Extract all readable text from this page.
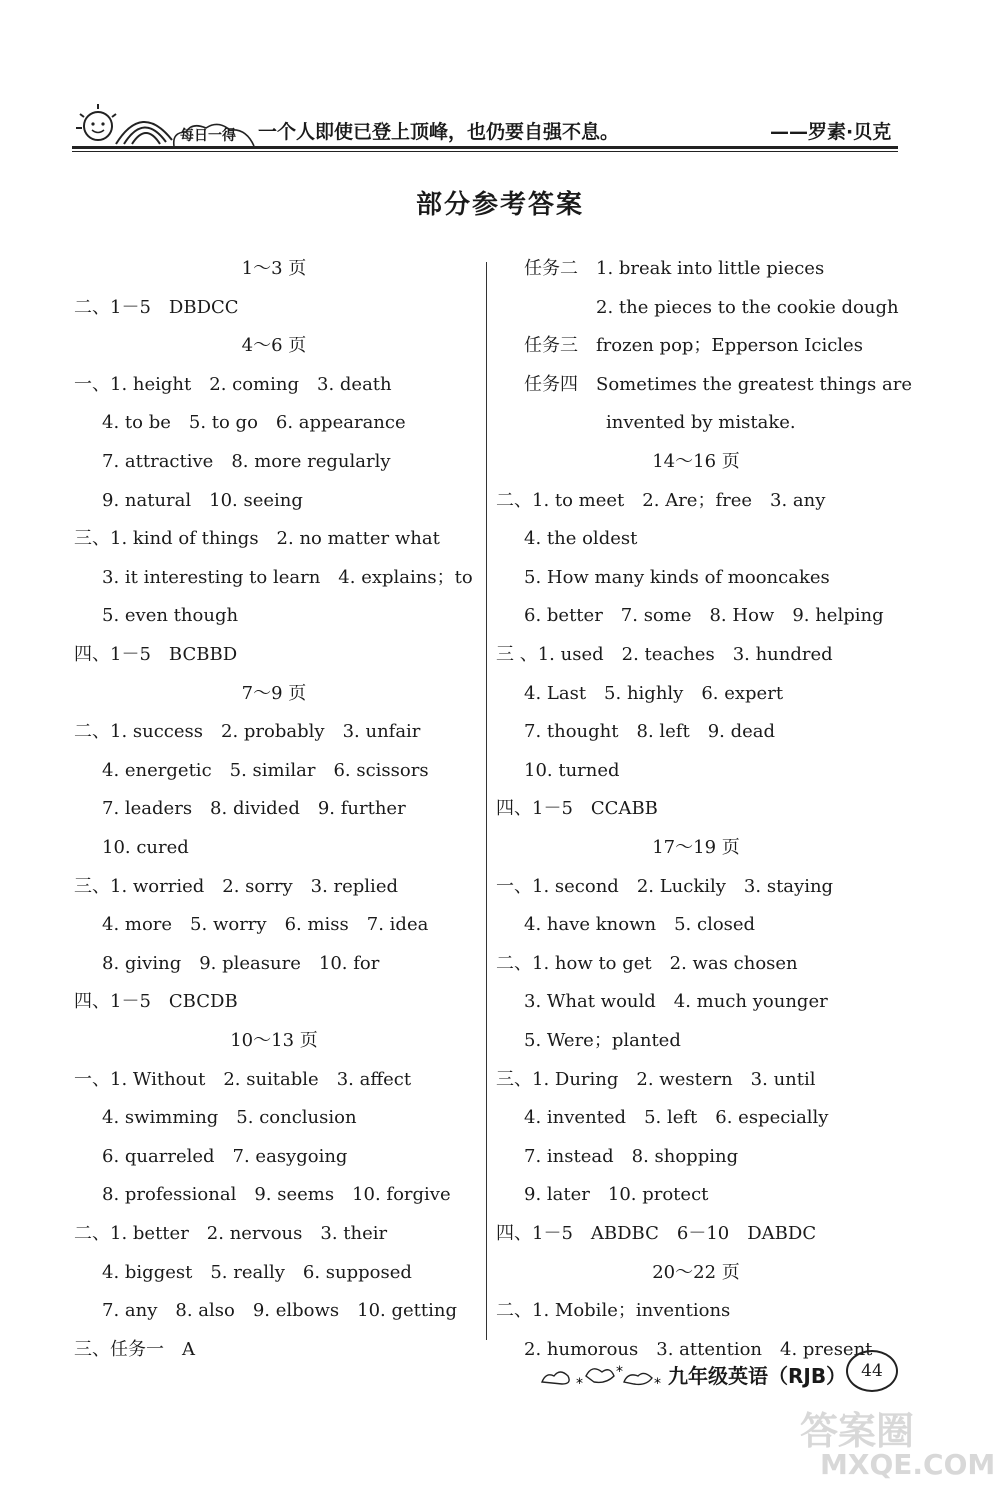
每日一得 一个人即使已登上顶峰，也仍要自强不息。	——罗素·贝克
部分参考答案
1～3 页
二、1－5　DBDCC
4～6 页
一、1. height　2. coming　3. death
4. to be　5. to go　6. appearance
7. attractive　8. more regularly
9. natural　10. seeing
三、1. kind of things　2. no matter what
3. it interesting to learn　4. explains；to
5. even though
四、1－5　BCBBD
7～9 页
二、1. success　2. probably　3. unfair
4. energetic　5. similar　6. scissors
7. leaders　8. divided　9. further
10. cured
三、1. worried　2. sorry　3. replied
4. more　5. worry　6. miss　7. idea
8. giving　9. pleasure　10. for
四、1－5　CBCDB
10～13 页
一、1. Without　2. suitable　3. affect
4. swimming　5. conclusion
6. quarreled　7. easygoing
8. professional　9. seems　10. forgive
二、1. better　2. nervous　3. their
4. biggest　5. really　6. supposed
7. any　8. also　9. elbows　10. getting
三、任务一　A
任务二　1. break into little pieces
2. the pieces to the cookie dough
任务三　frozen pop；Epperson Icicles
任务四　Sometimes the greatest things are
invented by mistake.
14～16 页
二、1. to meet　2. Are；free　3. any
4. the oldest
5. How many kinds of mooncakes
6. better　7. some　8. How　9. helping
三 、1. used　2. teaches　3. hundred
4. Last　5. highly　6. expert
7. thought　8. left　9. dead
10. turned
四、1－5　CCABB
17～19 页
一、1. second　2. Luckily　3. staying
4. have known　5. closed
二、1. how to get　2. was chosen
3. What would　4. much younger
5. Were；planted
三、1. During　2. western　3. until
4. invented　5. left　6. especially
7. instead　8. shopping
9. later　10. protect
四、1－5　ABDBC　6－10　DABDC
20～22 页
二、1. Mobile；inventions
2. humorous　3. attention　4. present
*
*
* 九年级英语（RJB） 44
答案圈
MXQE.COM
